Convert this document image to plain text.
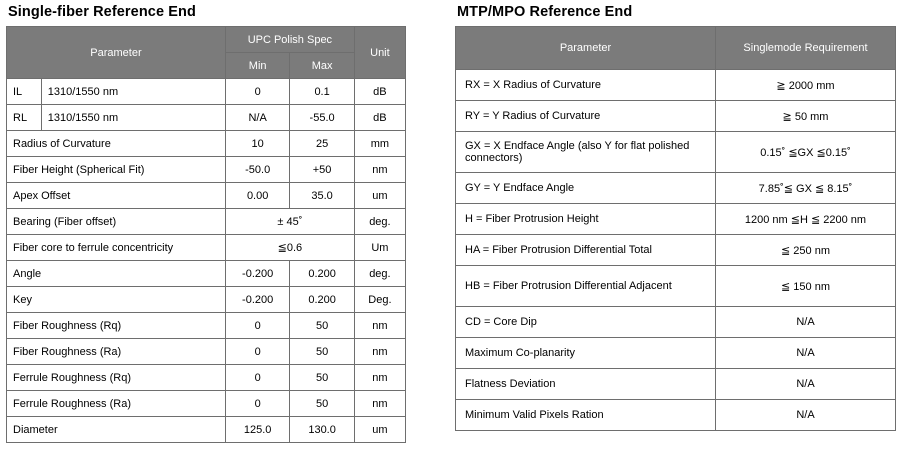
Single-fiber Reference End
Parameter		UPC Polish Spec		Unit
		Min	Max	
IL	1310/1550 nm	0	0.1	dB
RL	1310/1550 nm	N/A	-55.0	dB
Radius of Curvature		10	25	mm
Fiber Height (Spherical Fit)		-50.0	+50	nm
Apex Offset		0.00	35.0	um
Bearing (Fiber offset)		± 45˚		deg.
Fiber core to ferrule concentricity		≦0.6		Um
Angle		-0.200	0.200	deg.
Key		-0.200	0.200	Deg.
Fiber Roughness (Rq)		0	50	nm
Fiber Roughness (Ra)		0	50	nm
Ferrule Roughness (Rq)		0	50	nm
Ferrule Roughness (Ra)		0	50	nm
Diameter		125.0	130.0	um
MTP/MPO Reference End
Parameter	Singlemode Requirement
RX = X Radius of Curvature	≧ 2000 mm
RY = Y Radius of Curvature	≧ 50 mm
GX = X Endface Angle (also Y for flat polished connectors)	0.15˚ ≦GX ≦0.15˚
GY = Y Endface Angle	7.85˚≦ GX ≦ 8.15˚
H = Fiber Protrusion Height	1200 nm ≦H ≦ 2200 nm
HA = Fiber Protrusion Differential Total	≦ 250 nm
HB = Fiber Protrusion Differential Adjacent	≦ 150 nm
CD = Core Dip	N/A
Maximum Co-planarity	N/A
Flatness Deviation	N/A
Minimum Valid Pixels Ration	N/A
